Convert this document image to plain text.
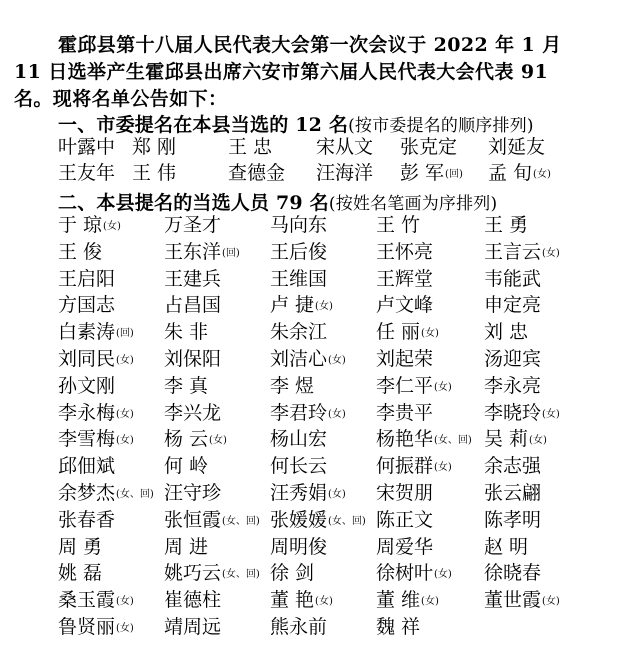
霍邱县第十八届人民代表大会第一次会议于 2022 年 1 月
11 日选举产生霍邱县出席六安市第六届人民代表大会代表 91
名。现将名单公告如下：
一、市委提名在本县当选的 12 名(按市委提名的顺序排列)
叶露中 郑 刚	王 忠 宋从文 张克定 刘延友
王友年 王 伟	查德金 汪海洋 彭 军(回) 孟 旬(女)
二、本县提名的当选人员 79 名(按姓名笔画为序排列)
于 琼(女) 万圣才	马向东	王 竹	王 勇
王 俊	王东洋(回) 王后俊	王怀亮	王言云(女)
王启阳	王建兵	王维国	王辉堂	韦能武
方国志	占昌国	卢 捷(女) 卢文峰	申定亮
白素涛(回) 朱 非	朱余江	任 丽(女) 刘 忠
刘同民(女) 刘保阳	刘洁心(女) 刘起荣	汤迎宾
孙文刚	李 真	李 煜	李仁平(女) 李永亮
李永梅(女) 李兴龙	李君玲(女) 李贵平	李晓玲(女)
李雪梅(女) 杨 云(女) 杨山宏	杨艳华(女、回) 吴 莉(女)
邱佃斌	何 岭	何长云	何振群(女) 余志强
余梦杰(女、回) 汪守珍	汪秀娟(女) 宋贺朋	张云翩
张春香	张恒霞(女、回) 张媛媛(女、回) 陈正文	陈孝明
周 勇	周 进	周明俊	周爱华	赵 明
姚 磊	姚巧云(女、回) 徐 剑	徐树叶(女) 徐晓春
桑玉霞(女) 崔德柱	董 艳(女) 董 维(女) 董世霞(女)
鲁贤丽(女) 靖周远	熊永前	魏 祥
